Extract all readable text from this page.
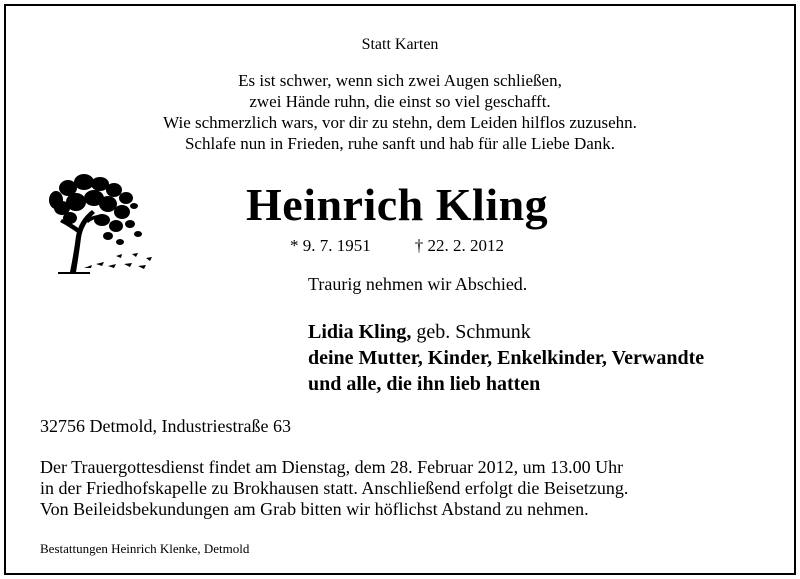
Statt Karten
Es ist schwer, wenn sich zwei Augen schließen,
zwei Hände ruhn, die einst so viel geschafft.
Wie schmerzlich wars, vor dir zu stehn, dem Leiden hilflos zuzusehn.
Schlafe nun in Frieden, ruhe sanft und hab für alle Liebe Dank.
Heinrich Kling
* 9. 7. 1951	† 22. 2. 2012
Traurig nehmen wir Abschied.
Lidia Kling, geb. Schmunk
deine Mutter, Kinder, Enkelkinder, Verwandte
und alle, die ihn lieb hatten
32756 Detmold, Industriestraße 63
Der Trauergottesdienst findet am Dienstag, dem 28. Februar 2012, um 13.00 Uhr
in der Friedhofskapelle zu Brokhausen statt. Anschließend erfolgt die Beisetzung.
Von Beileidsbekundungen am Grab bitten wir höflichst Abstand zu nehmen.
Bestattungen Heinrich Klenke, Detmold
